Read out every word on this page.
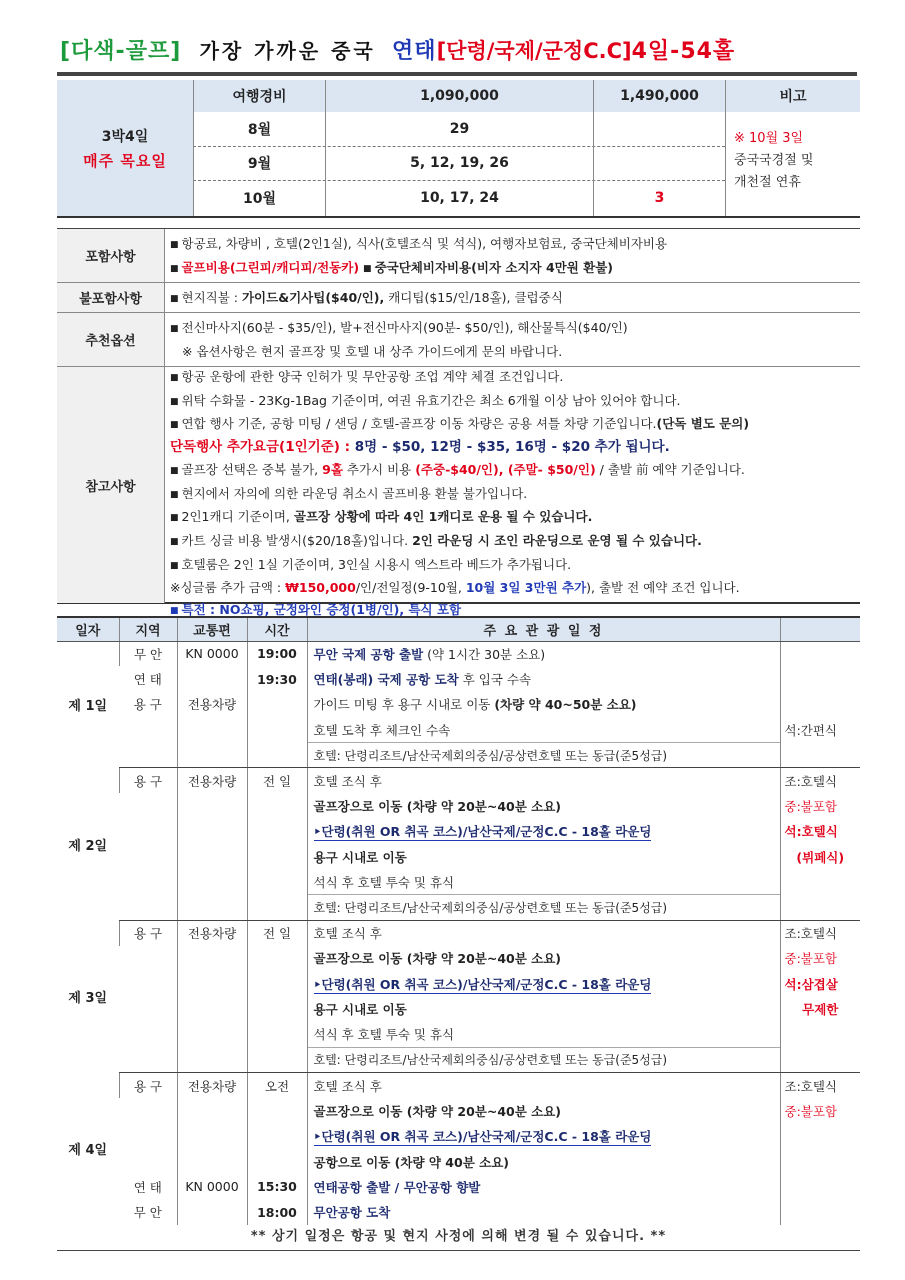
[다색-골프] 가장 가까운 중국 연태[단령/국제/군정C.C]4일-54홀
3박4일
매주 목요일
여행경비	1,090,000	1,490,000	비고
8월	29
9월	5, 12, 19, 26
10월	10, 17, 24	3
※ 10월 3일
중국국경절 및
개천절 연휴
포함사항
■ 항공료, 차량비 , 호텔(2인1실), 식사(호텔조식 및 석식), 여행자보험료, 중국단체비자비용
■ 골프비용(그린피/캐디피/전동카) ■ 중국단체비자비용(비자 소지자 4만원 환불)
불포함사항	■ 현지직불 : 가이드&기사팁($40/인), 캐디팁($15/인/18홀), 클럽중식
추천옵션
■ 전신마사지(60분 - $35/인), 발+전신마사지(90분- $50/인), 해산물특식($40/인)
※ 옵션사항은 현지 골프장 및 호텔 내 상주 가이드에게 문의 바랍니다.
참고사항
■ 항공 운항에 관한 양국 인허가 및 무안공항 조업 계약 체결 조건입니다.
■ 위탁 수화물 - 23Kg-1Bag 기준이며, 여권 유효기간은 최소 6개월 이상 남아 있어야 합니다.
■ 연합 행사 기준, 공항 미팅 / 샌딩 / 호텔-골프장 이동 차량은 공용 셔틀 차량 기준입니다.(단독 별도 문의)
단독행사 추가요금(1인기준) : 8명 - $50, 12명 - $35, 16명 - $20 추가 됩니다.
■ 골프장 선택은 중복 불가, 9홀 추가시 비용 (주중-$40/인), (주말- $50/인) / 출발 前 예약 기준입니다.
■ 현지에서 자의에 의한 라운딩 취소시 골프비용 환불 불가입니다.
■ 2인1캐디 기준이며, 골프장 상황에 따라 4인 1캐디로 운용 될 수 있습니다.
■ 카트 싱글 비용 발생시($20/18홀)입니다. 2인 라운딩 시 조인 라운딩으로 운영 될 수 있습니다.
■ 호텔룸은 2인 1실 기준이며, 3인실 시용시 엑스트라 베드가 추가됩니다.
※싱글룸 추가 금액 : ₩150,000/인/전일정(9-10월, 10월 3일 3만원 추가), 출발 전 예약 조건 입니다.
■ 특전 : NO쇼핑, 군정와인 증정(1병/인), 특식 포함
일자	지역	교통편	시간	주 요 관 광 일 정	
제 1일	무 안	KN 0000	19:00	무안 국제 공항 출발 (약 1시간 30분 소요)	
	연 태		19:30	연태(봉래) 국제 공항 도착 후 입국 수속	
	용 구	전용차량		가이드 미팅 후 용구 시내로 이동 (차량 약 40~50분 소요)	
				호텔 도착 후 체크인 수속	석:간편식
				호텔: 단령리조트/남산국제회의중심/공상련호텔 또는 동급(준5성급)	
제 2일	용 구	전용차량	전 일	호텔 조식 후	조:호텔식
				골프장으로 이동 (차량 약 20분~40분 소요)	중:불포함
				‣단령(취원 OR 취곡 코스)/남산국제/군정C.C - 18홀 라운딩	석:호텔식
				용구 시내로 이동	(뷔페식)
				석식 후 호텔 투숙 및 휴식	
				호텔: 단령리조트/남산국제회의중심/공상련호텔 또는 동급(준5성급)	
제 3일	용 구	전용차량	전 일	호텔 조식 후	조:호텔식
				골프장으로 이동 (차량 약 20분~40분 소요)	중:불포함
				‣단령(취원 OR 취곡 코스)/남산국제/군정C.C - 18홀 라운딩	석:삼겹살
				용구 시내로 이동	무제한
				석식 후 호텔 투숙 및 휴식	
				호텔: 단령리조트/남산국제회의중심/공상련호텔 또는 동급(준5성급)	
제 4일	용 구	전용차량	오전	호텔 조식 후	조:호텔식
				골프장으로 이동 (차량 약 20분~40분 소요)	중:불포함
				‣단령(취원 OR 취곡 코스)/남산국제/군정C.C - 18홀 라운딩	
				공항으로 이동 (차량 약 40분 소요)	
	연 태	KN 0000	15:30	연태공항 출발 / 무안공항 향발	
	무 안		18:00	무안공항 도착	
** 상기 일정은 항공 및 현지 사정에 의해 변경 될 수 있습니다. **
